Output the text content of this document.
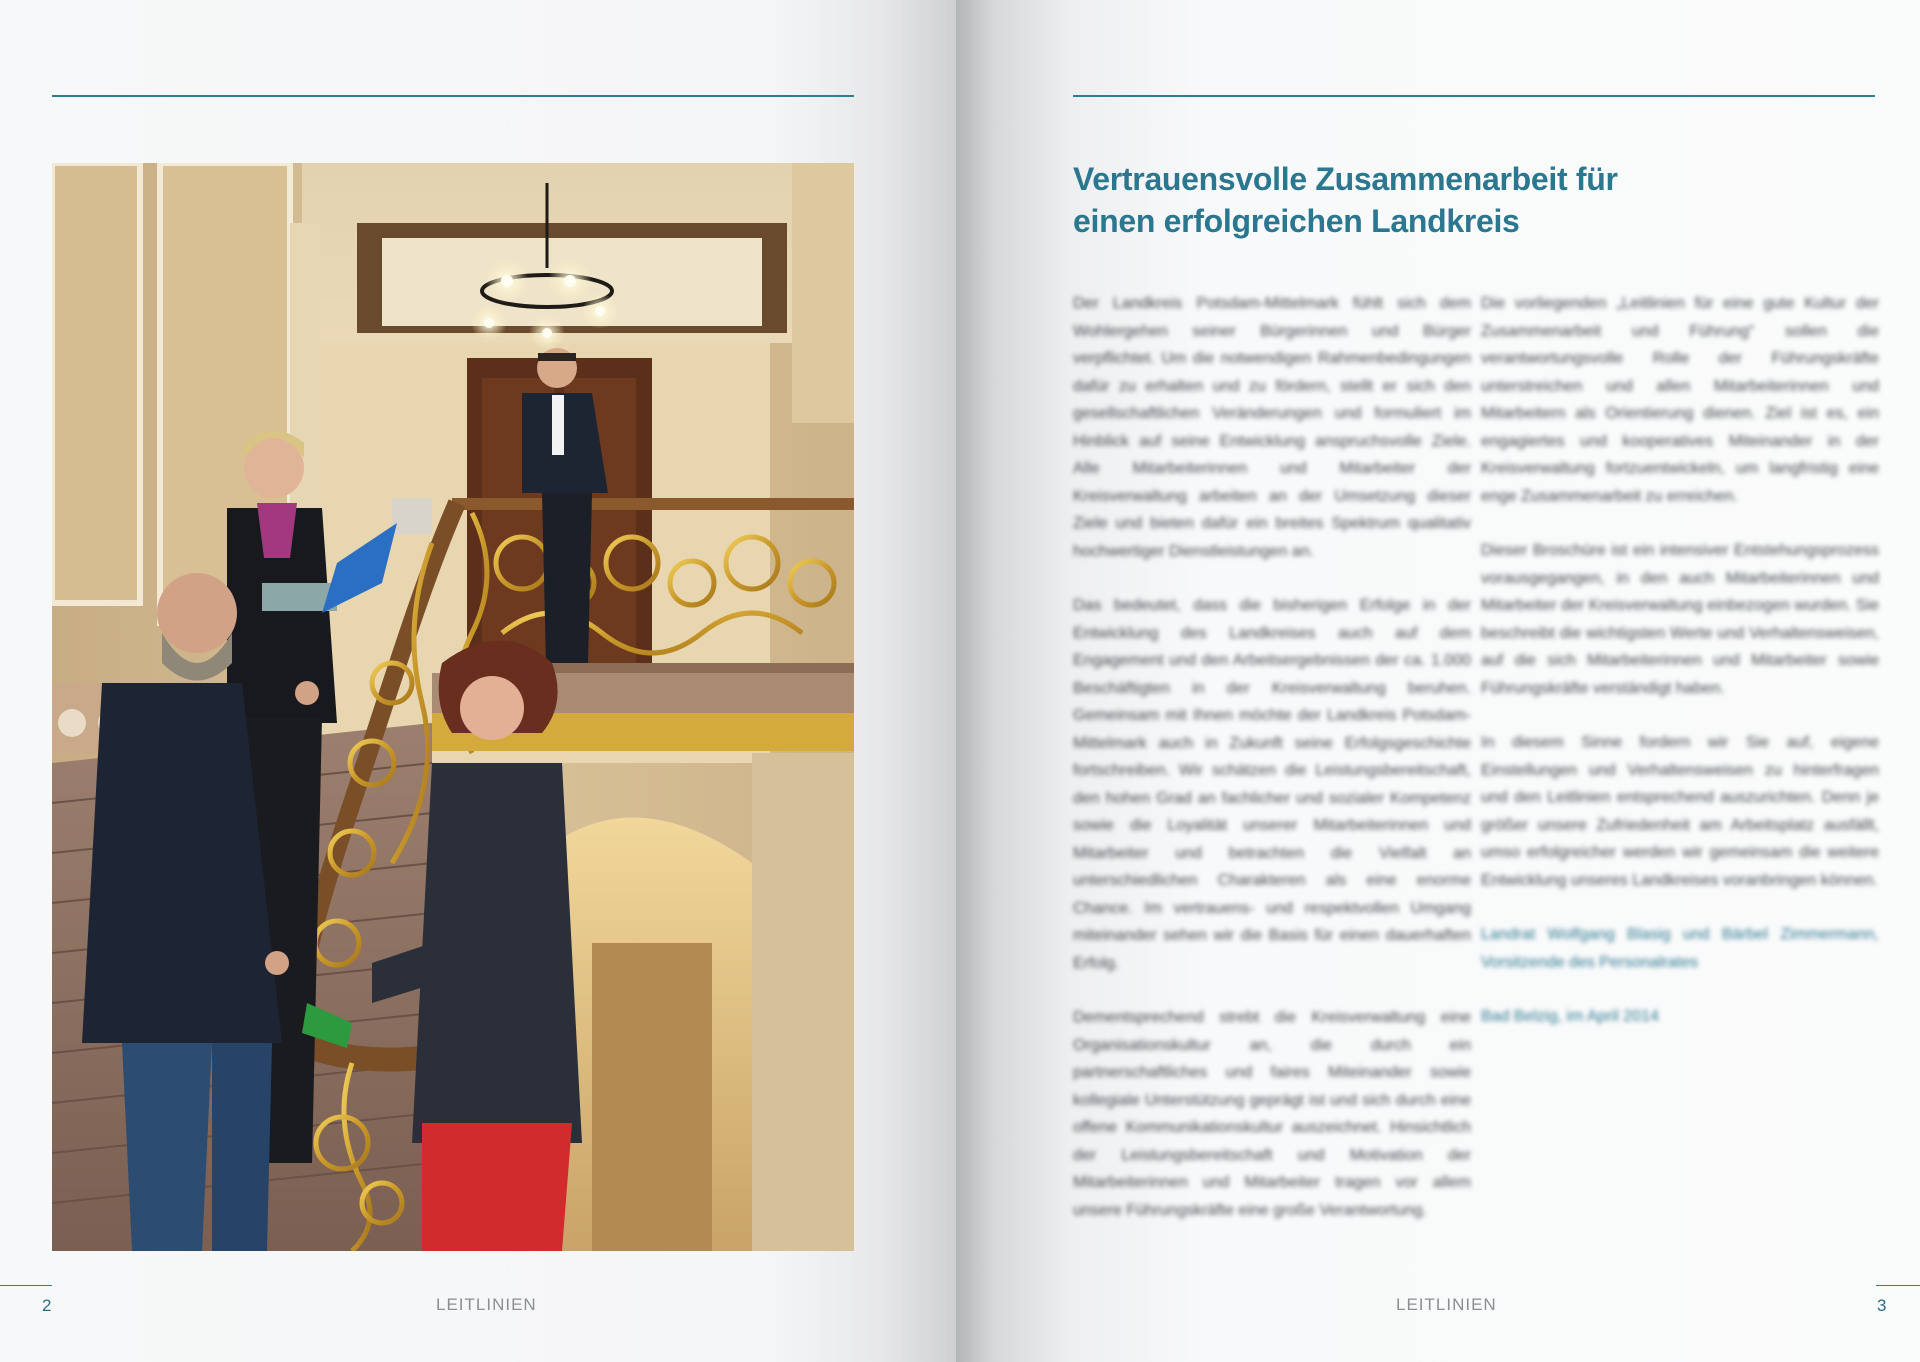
2	LEITLINIEN
Vertrauensvolle Zusammenarbeit für
einen erfolgreichen Landkreis

Der Landkreis Potsdam-Mittelmark fühlt sich dem Wohlergehen seiner Bürgerinnen und Bürger verpflichtet. Um die notwendigen Rahmenbedingungen dafür zu erhalten und zu fördern, stellt er sich den gesellschaftlichen Veränderungen und formuliert im Hinblick auf seine Entwicklung anspruchsvolle Ziele. Alle Mitarbeiterinnen und Mitarbeiter der Kreisverwaltung arbeiten an der Umsetzung dieser Ziele und bieten dafür ein breites Spektrum qualitativ hochwertiger Dienstleistungen an.

Das bedeutet, dass die bisherigen Erfolge in der Entwicklung des Landkreises auch auf dem Engagement und den Arbeitsergebnissen der ca. 1.000 Beschäftigten in der Kreisverwaltung beruhen. Gemeinsam mit Ihnen möchte der Landkreis Potsdam-Mittelmark auch in Zukunft seine Erfolgsgeschichte fortschreiben. Wir schätzen die Leistungsbereitschaft, den hohen Grad an fachlicher und sozialer Kompetenz sowie die Loyalität unserer Mitarbeiterinnen und Mitarbeiter und betrachten die Vielfalt an unterschiedlichen Charakteren als eine enorme Chance. Im vertrauens- und respektvollen Umgang miteinander sehen wir die Basis für einen dauerhaften Erfolg.

Dementsprechend strebt die Kreisverwaltung eine Organisationskultur an, die durch ein partnerschaftliches und faires Miteinander sowie kollegiale Unterstützung geprägt ist und sich durch eine offene Kommunikationskultur auszeichnet. Hinsichtlich der Leistungsbereitschaft und Motivation der Mitarbeiterinnen und Mitarbeiter tragen vor allem unsere Führungskräfte eine große Verantwortung.

Die vorliegenden „Leitlinien für eine gute Kultur der Zusammenarbeit und Führung“ sollen die verantwortungsvolle Rolle der Führungskräfte unterstreichen und allen Mitarbeiterinnen und Mitarbeitern als Orientierung dienen. Ziel ist es, ein engagiertes und kooperatives Miteinander in der Kreisverwaltung fortzuentwickeln, um langfristig eine enge Zusammenarbeit zu erreichen.

Dieser Broschüre ist ein intensiver Entstehungsprozess vorausgegangen, in den auch Mitarbeiterinnen und Mitarbeiter der Kreisverwaltung einbezogen wurden. Sie beschreibt die wichtigsten Werte und Verhaltensweisen, auf die sich Mitarbeiterinnen und Mitarbeiter sowie Führungskräfte verständigt haben.

In diesem Sinne fordern wir Sie auf, eigene Einstellungen und Verhaltensweisen zu hinterfragen und den Leitlinien entsprechend auszurichten. Denn je größer unsere Zufriedenheit am Arbeitsplatz ausfällt, umso erfolgreicher werden wir gemeinsam die weitere Entwicklung unseres Landkreises voranbringen können.

Landrat Wolfgang Blasig und Bärbel Zimmermann, Vorsitzende des Personalrates

Bad Belzig, im April 2014

LEITLINIEN	3
